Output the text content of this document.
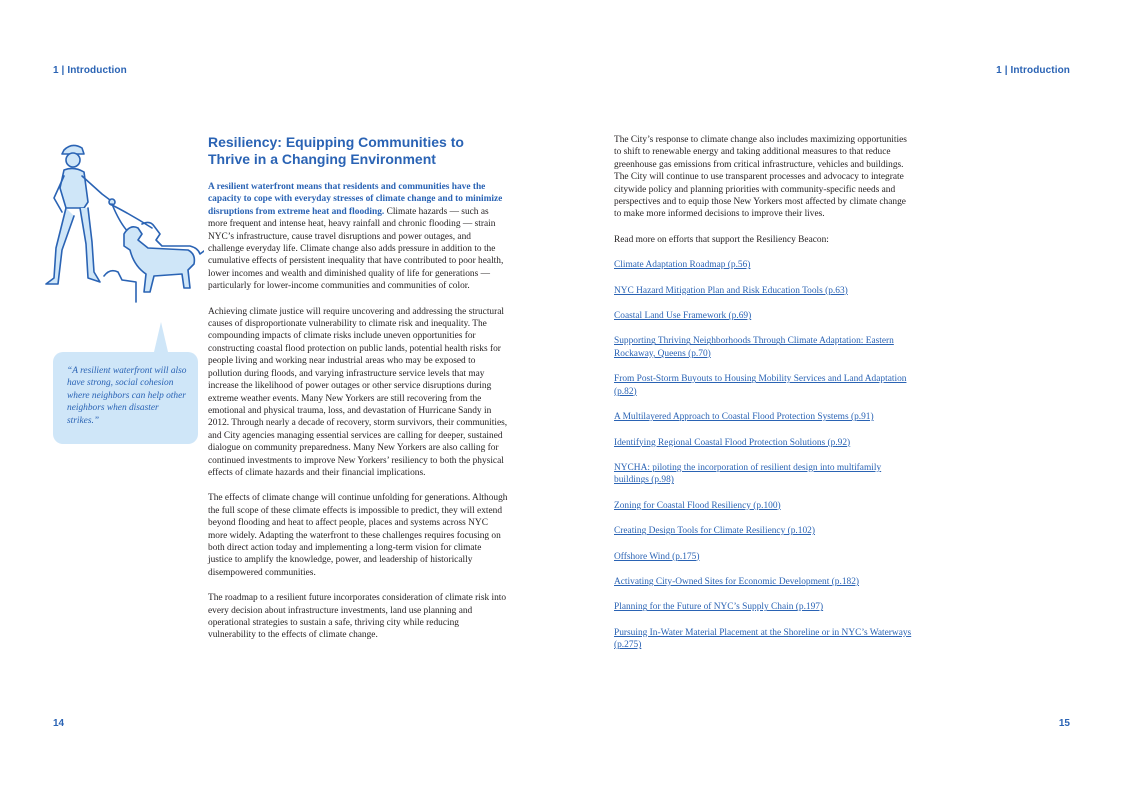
1 | Introduction	1 | Introduction

“A resilient waterfront will also have strong, social cohesion where neighbors can help other neighbors when disaster strikes.”

Resiliency: Equipping Communities to Thrive in a Changing Environment

A resilient waterfront means that residents and communities have the capacity to cope with everyday stresses of climate change and to minimize disruptions from extreme heat and flooding. Climate hazards — such as more frequent and intense heat, heavy rainfall and chronic flooding — strain NYC’s infrastructure, cause travel disruptions and power outages, and challenge everyday life. Climate change also adds pressure in addition to the cumulative effects of persistent inequality that have contributed to poor health, lower incomes and wealth and diminished quality of life for generations — particularly for lower-income communities and communities of color.

Achieving climate justice will require uncovering and addressing the structural causes of disproportionate vulnerability to climate risk and inequality. The compounding impacts of climate risks include uneven opportunities for constructing coastal flood protection on public lands, potential health risks for people living and working near industrial areas who may be exposed to pollution during floods, and varying infrastructure service levels that may increase the likelihood of power outages or other service disruptions during extreme weather events. Many New Yorkers are still recovering from the emotional and physical trauma, loss, and devastation of Hurricane Sandy in 2012. Through nearly a decade of recovery, storm survivors, their communities, and City agencies managing essential services are calling for deeper, sustained dialogue on community preparedness. Many New Yorkers are also calling for continued investments to improve New Yorkers’ resiliency to both the physical effects of climate hazards and their financial implications.

The effects of climate change will continue unfolding for generations. Although the full scope of these climate effects is impossible to predict, they will extend beyond flooding and heat to affect people, places and systems across NYC more widely. Adapting the waterfront to these challenges requires focusing on both direct action today and implementing a long-term vision for climate justice to amplify the knowledge, power, and leadership of historically disempowered communities.

The roadmap to a resilient future incorporates consideration of climate risk into every decision about infrastructure investments, land use planning and operational strategies to sustain a safe, thriving city while reducing vulnerability to the effects of climate change.

The City’s response to climate change also includes maximizing opportunities to shift to renewable energy and taking additional measures to that reduce greenhouse gas emissions from critical infrastructure, vehicles and buildings. The City will continue to use transparent processes and advocacy to integrate citywide policy and planning priorities with community-specific needs and perspectives and to equip those New Yorkers most affected by climate change to make more informed decisions to improve their lives.

Read more on efforts that support the Resiliency Beacon:

Climate Adaptation Roadmap (p.56)
NYC Hazard Mitigation Plan and Risk Education Tools (p.63)
Coastal Land Use Framework (p.69)
Supporting Thriving Neighborhoods Through Climate Adaptation: Eastern Rockaway, Queens (p.70)
From Post-Storm Buyouts to Housing Mobility Services and Land Adaptation (p.82)
A Multilayered Approach to Coastal Flood Protection Systems (p.91)
Identifying Regional Coastal Flood Protection Solutions (p.92)
NYCHA: piloting the incorporation of resilient design into multifamily buildings (p.98)
Zoning for Coastal Flood Resiliency (p.100)
Creating Design Tools for Climate Resiliency (p.102)
Offshore Wind (p.175)
Activating City-Owned Sites for Economic Development (p.182)
Planning for the Future of NYC’s Supply Chain (p.197)
Pursuing In-Water Material Placement at the Shoreline or in NYC’s Waterways (p.275)
14	15
